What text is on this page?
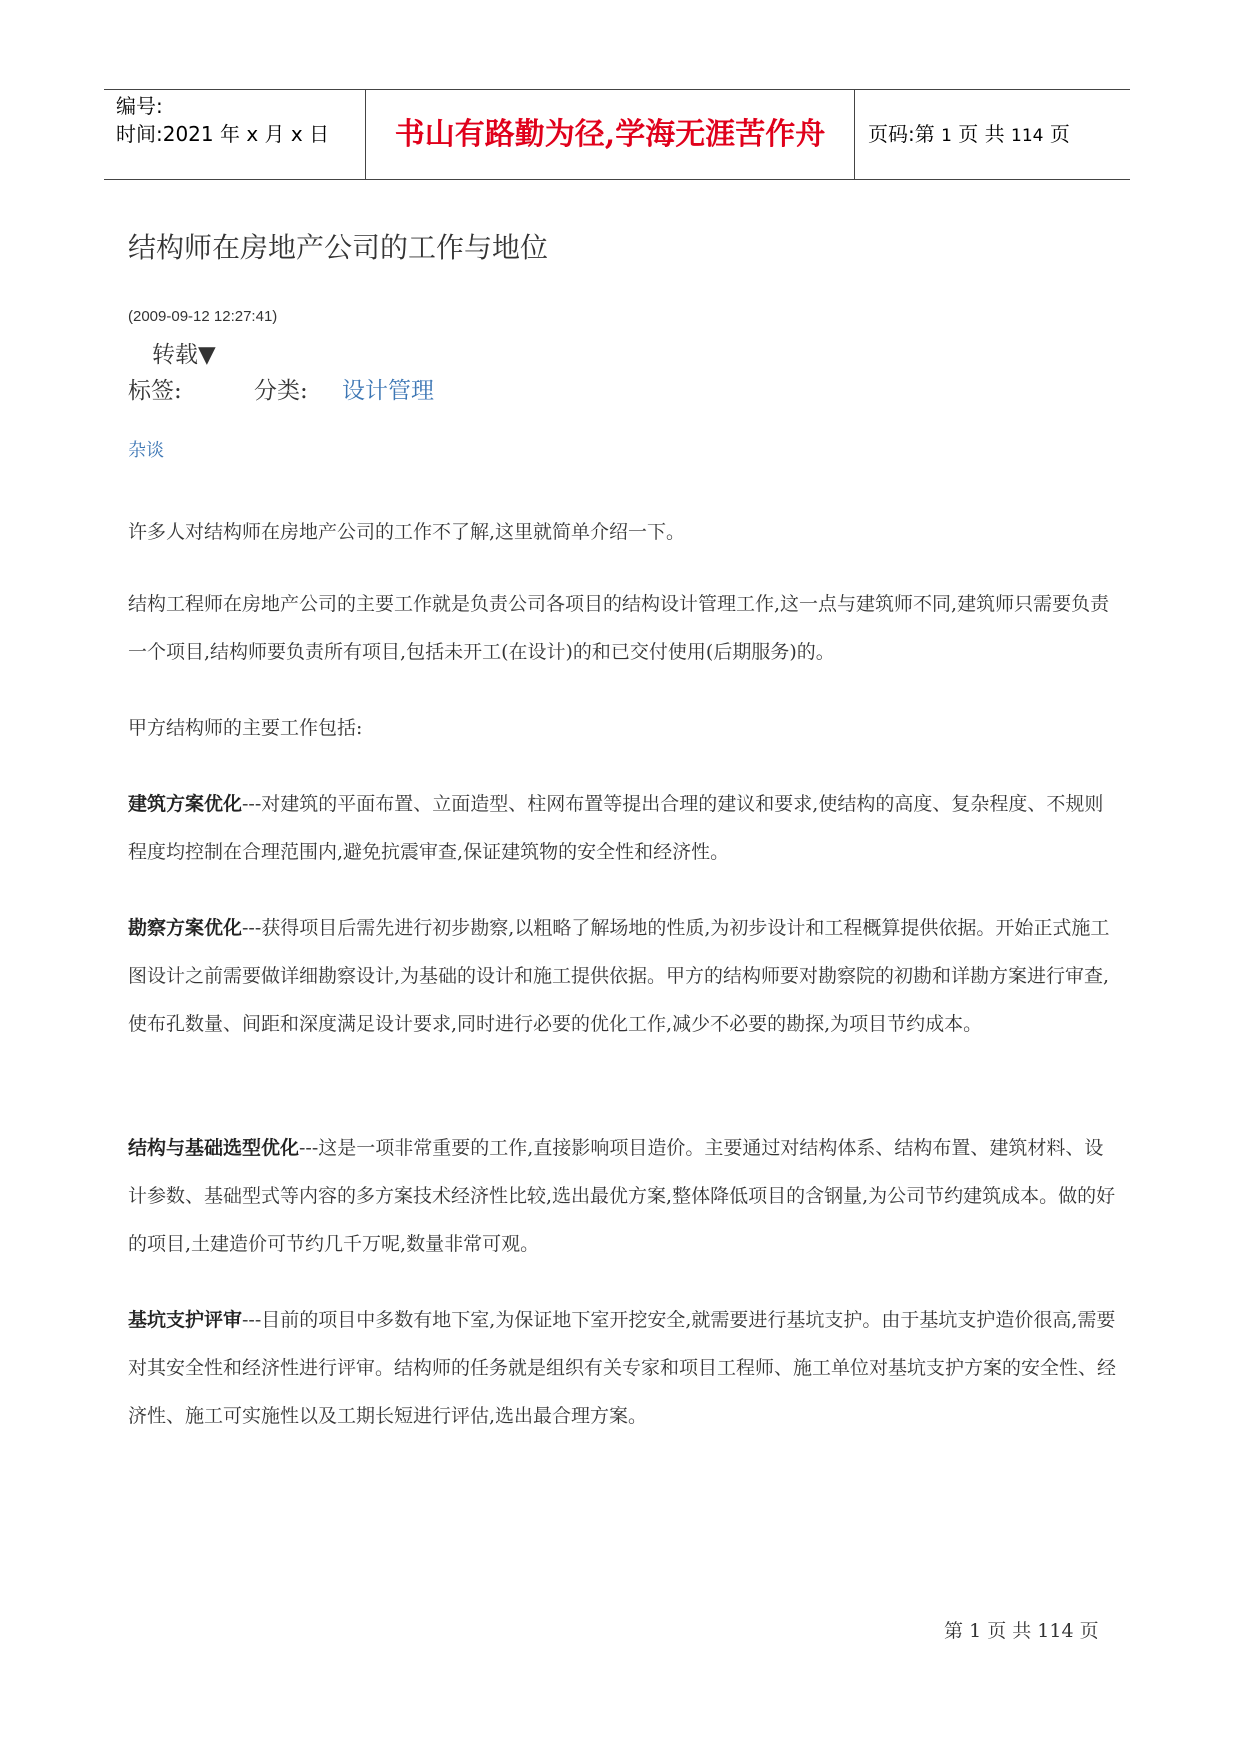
编号:
时间:2021 年 x 月 x 日	书山有路勤为径,学海无涯苦作舟	页码:第 1 页 共 114 页
结构师在房地产公司的工作与地位
(2009-09-12 12:27:41)
转载▼
标签:	分类: 设计管理
杂谈
许多人对结构师在房地产公司的工作不了解,这里就简单介绍一下。
结构工程师在房地产公司的主要工作就是负责公司各项目的结构设计管理工作,这一点与建筑师不同,建筑师只需要负责一个项目,结构师要负责所有项目,包括未开工(在设计)的和已交付使用(后期服务)的。
甲方结构师的主要工作包括:
建筑方案优化---对建筑的平面布置、立面造型、柱网布置等提出合理的建议和要求,使结构的高度、复杂程度、不规则程度均控制在合理范围内,避免抗震审查,保证建筑物的安全性和经济性。
勘察方案优化---获得项目后需先进行初步勘察,以粗略了解场地的性质,为初步设计和工程概算提供依据。开始正式施工图设计之前需要做详细勘察设计,为基础的设计和施工提供依据。甲方的结构师要对勘察院的初勘和详勘方案进行审查,使布孔数量、间距和深度满足设计要求,同时进行必要的优化工作,减少不必要的勘探,为项目节约成本。
结构与基础选型优化---这是一项非常重要的工作,直接影响项目造价。主要通过对结构体系、结构布置、建筑材料、设计参数、基础型式等内容的多方案技术经济性比较,选出最优方案,整体降低项目的含钢量,为公司节约建筑成本。做的好的项目,土建造价可节约几千万呢,数量非常可观。
基坑支护评审---目前的项目中多数有地下室,为保证地下室开挖安全,就需要进行基坑支护。由于基坑支护造价很高,需要对其安全性和经济性进行评审。结构师的任务就是组织有关专家和项目工程师、施工单位对基坑支护方案的安全性、经济性、施工可实施性以及工期长短进行评估,选出最合理方案。
第 1 页 共 114 页
